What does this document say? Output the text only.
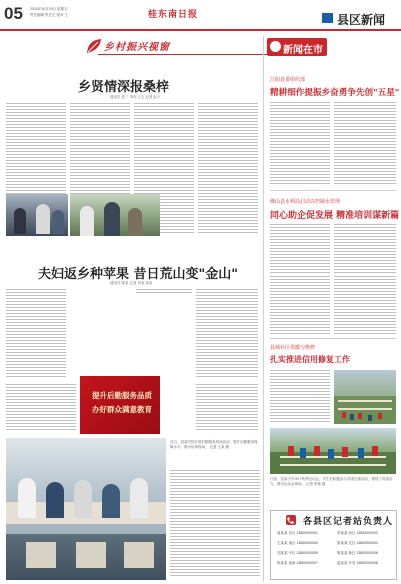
05 2024年10月18日 星期五
责任编辑 张先生 校对 王	桂东南日报	县区新闻
乡村振兴视窗
乡贤情深报桑梓
通讯员 张三 李四 王五 记者 赵六
夫妇返乡种苹果 昔日荒山变"金山"
通讯员 陈某 记者 刘某 周某
提升后勤服务品质
办好群众满意教育
近日，县某学校开展后勤服务培训活动，提升后勤服务保障水平。图为培训现场。 记者 王某 摄
新闻在市
江阳县委组织部
精耕细作提振乡奋勇争先创"五星"
佛山县水利局启动以控制水管理
同心助企促发展 精准培训谋新篇
县城社区供暖与维修
扎实推进信用修复工作
日前，县某小学举行秋季运动会，学生们积极参与各项比赛活动，展现了青春活力。图为运动会现场。 记者 李某 摄
各县区记者站负责人
周某某 东区 13800000001	李某某 西区 13800000002
王某某 南区 13800000003	张某某 北区 13800000004
刘某某 中区 13800000005	陈某某 新区 13800000006
杨某某 高新 13800000007	赵某某 开发 13800000008
